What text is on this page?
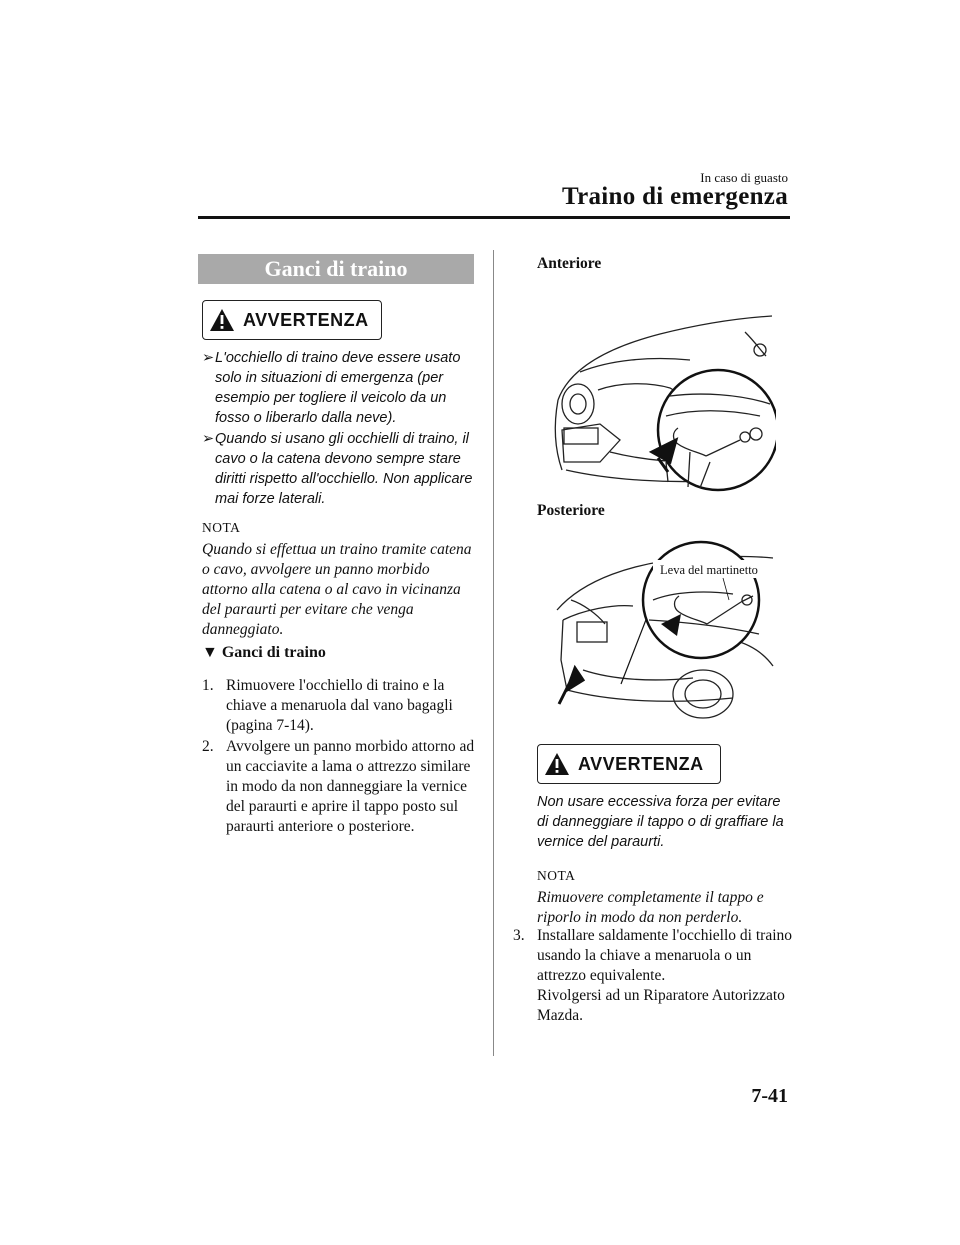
In caso di guasto
Traino di emergenza
Ganci di traino
AVVERTENZA
➢ L'occhiello di traino deve essere usato solo in situazioni di emergenza (per esempio per togliere il veicolo da un fosso o liberarlo dalla neve).
➢ Quando si usano gli occhielli di traino, il cavo o la catena devono sempre stare diritti rispetto all'occhiello. Non applicare mai forze laterali.
NOTA
Quando si effettua un traino tramite catena o cavo, avvolgere un panno morbido attorno alla catena o al cavo in vicinanza del paraurti per evitare che venga danneggiato.
▼ Ganci di traino
1. Rimuovere l'occhiello di traino e la chiave a menaruola dal vano bagagli (pagina 7-14).
2. Avvolgere un panno morbido attorno ad un cacciavite a lama o attrezzo similare in modo da non danneggiare la vernice del paraurti e aprire il tappo posto sul paraurti anteriore o posteriore.
Anteriore
Posteriore
Leva del martinetto
AVVERTENZA
Non usare eccessiva forza per evitare di danneggiare il tappo o di graffiare la vernice del paraurti.
NOTA
Rimuovere completamente il tappo e riporlo in modo da non perderlo.
3. Installare saldamente l'occhiello di traino usando la chiave a menaruola o un attrezzo equivalente.
Rivolgersi ad un Riparatore Autorizzato Mazda.
7-41
